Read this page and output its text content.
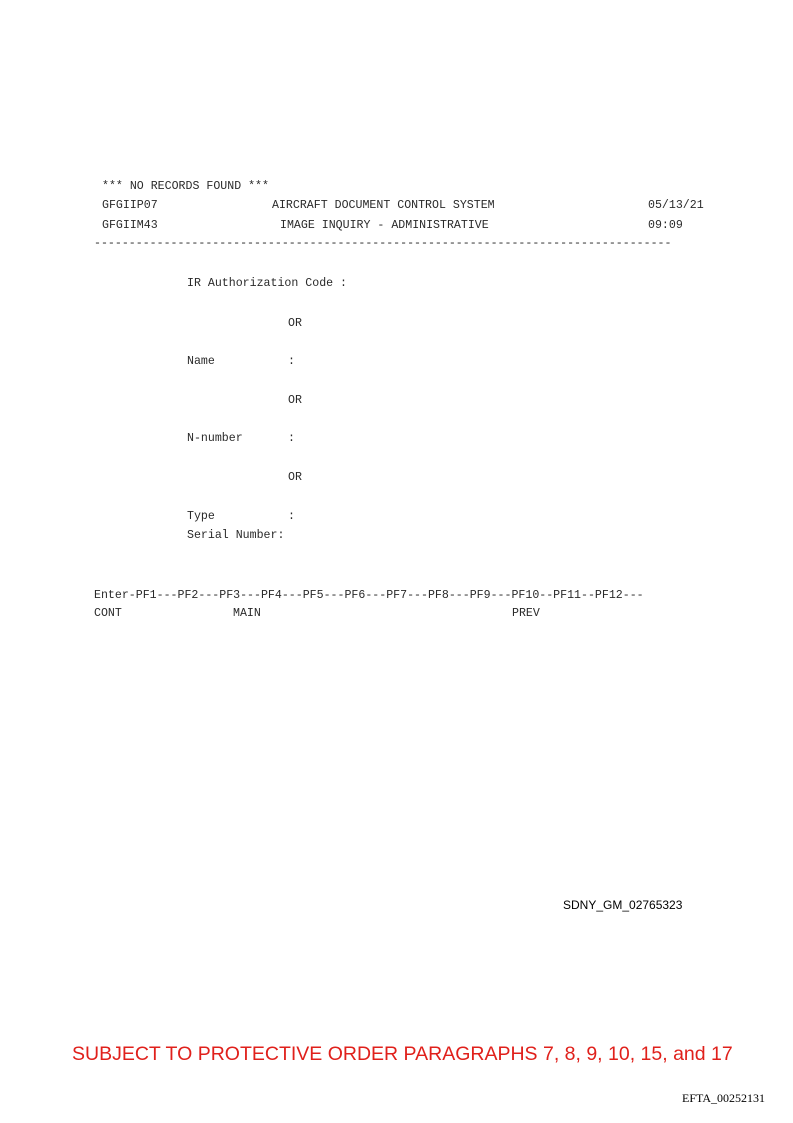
*** NO RECORDS FOUND ***
GFGIIP07	AIRCRAFT DOCUMENT CONTROL SYSTEM	05/13/21
GFGIIM43	IMAGE INQUIRY - ADMINISTRATIVE	09:09
-----------------------------------------------------------------------------------
IR Authorization Code :
OR
Name	:
OR
N-number	:
OR
Type	:
Serial Number:
Enter-PF1---PF2---PF3---PF4---PF5---PF6---PF7---PF8---PF9---PF10--PF11--PF12---
CONT	MAIN	PREV
SDNY_GM_02765323
SUBJECT TO PROTECTIVE ORDER PARAGRAPHS 7, 8, 9, 10, 15, and 17
EFTA_00252131
